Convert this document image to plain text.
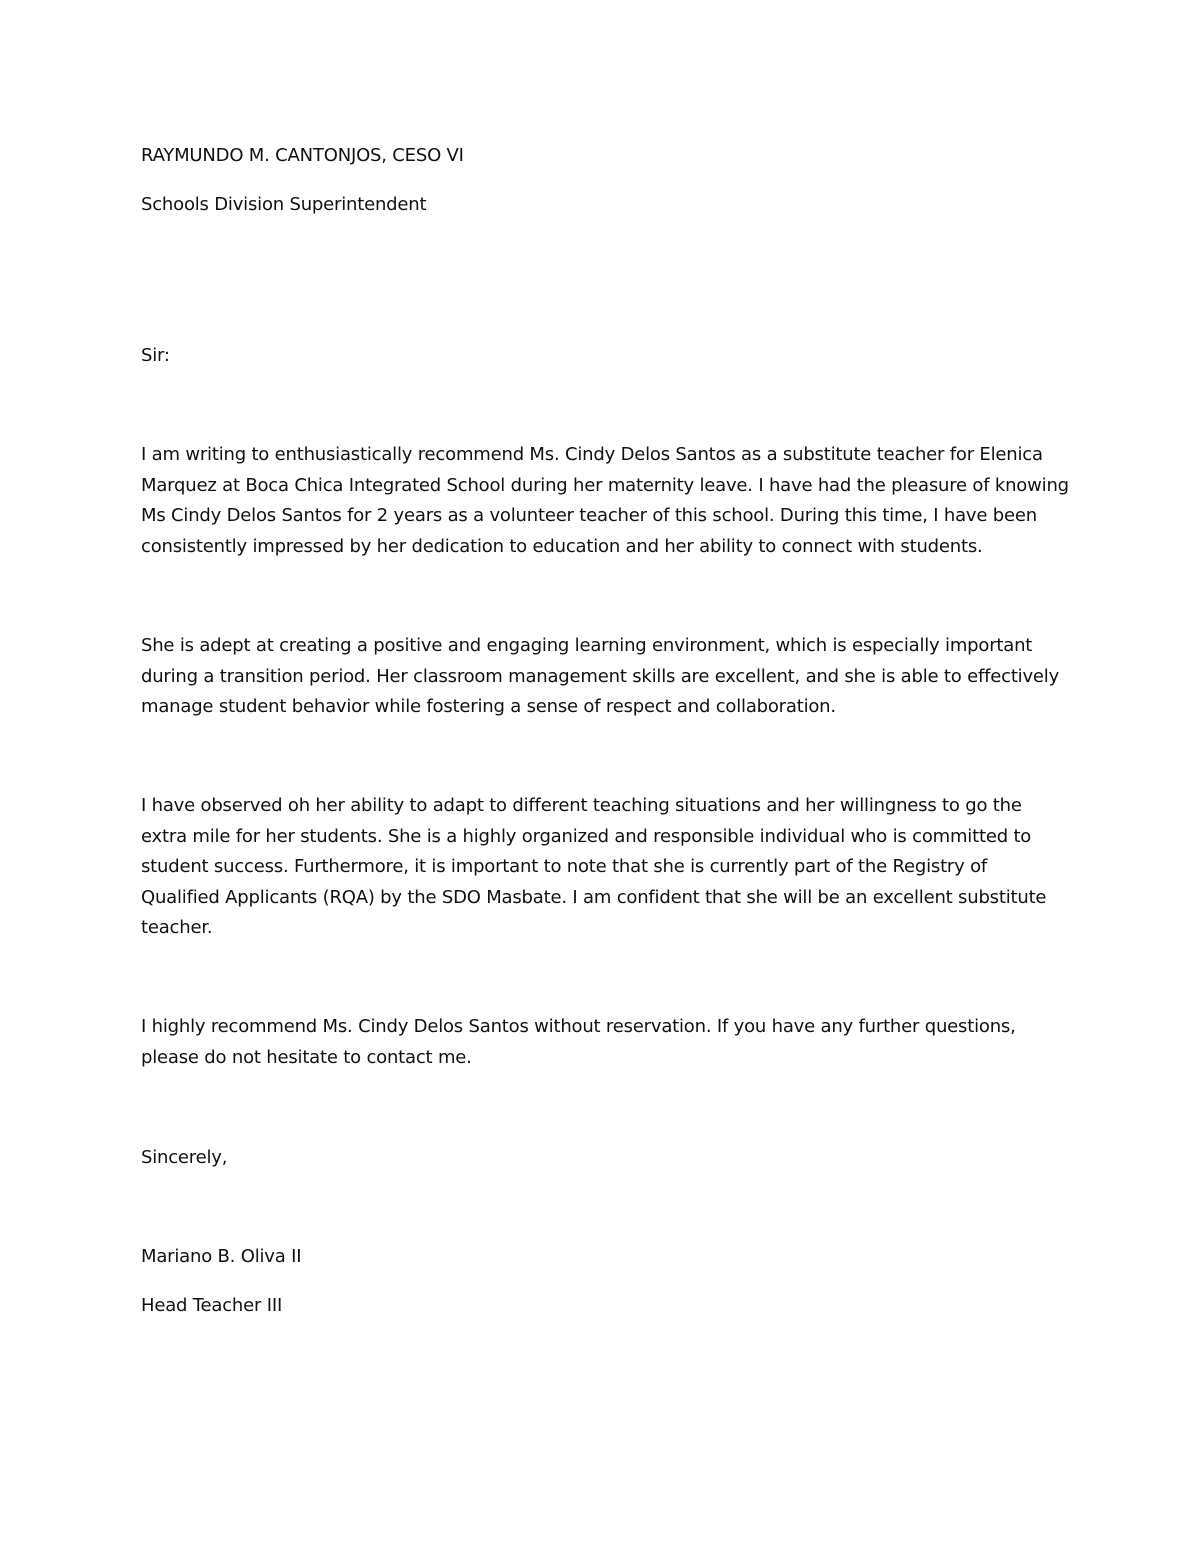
RAYMUNDO M. CANTONJOS, CESO VI

Schools Division Superintendent

Sir:

I am writing to enthusiastically recommend Ms. Cindy Delos Santos as a substitute teacher for Elenica Marquez at Boca Chica Integrated School during her maternity leave. I have had the pleasure of knowing Ms Cindy Delos Santos for 2 years as a volunteer teacher of this school. During this time, I have been consistently impressed by her dedication to education and her ability to connect with students.

She is adept at creating a positive and engaging learning environment, which is especially important during a transition period. Her classroom management skills are excellent, and she is able to effectively manage student behavior while fostering a sense of respect and collaboration.

I have observed oh her ability to adapt to different teaching situations and her willingness to go the extra mile for her students. She is a highly organized and responsible individual who is committed to student success. Furthermore, it is important to note that she is currently part of the Registry of Qualified Applicants (RQA) by the SDO Masbate. I am confident that she will be an excellent substitute teacher.

I highly recommend Ms. Cindy Delos Santos without reservation. If you have any further questions, please do not hesitate to contact me.

Sincerely,

Mariano B. Oliva II

Head Teacher III
